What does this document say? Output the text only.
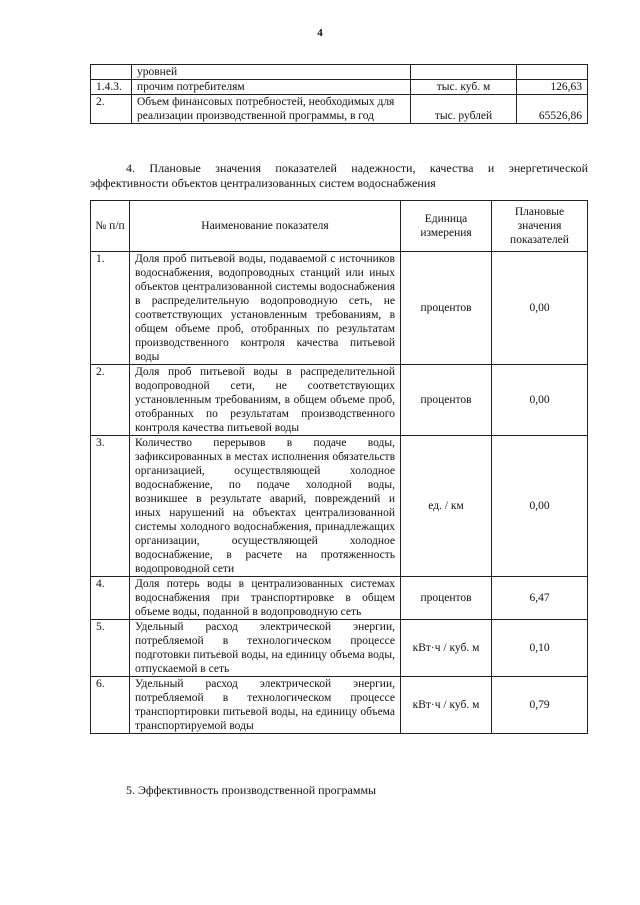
4
	уровней		
1.4.3.	прочим потребителям	тыс. куб. м	126,63
2.	Объем финансовых потребностей, необходимых для реализации производственной программы, в год	тыс. рублей	65526,86
4. Плановые значения показателей надежности, качества и энергетической эффективности объектов централизованных систем водоснабжения
№ п/п	Наименование показателя	Единица измерения	Плановые значения показателей
1.	Доля проб питьевой воды, подаваемой с источников водоснабжения, водопроводных станций или иных объектов централизованной системы водоснабжения в распределительную водопроводную сеть, не соответствующих установленным требованиям, в общем объеме проб, отобранных по результатам производственного контроля качества питьевой воды	процентов	0,00
2.	Доля проб питьевой воды в распределительной водопроводной сети, не соответствующих установленным требованиям, в общем объеме проб, отобранных по результатам производственного контроля качества питьевой воды	процентов	0,00
3.	Количество перерывов в подаче воды, зафиксированных в местах исполнения обязательств организацией, осуществляющей холодное водоснабжение, по подаче холодной воды, возникшее в результате аварий, повреждений и иных нарушений на объектах централизованной системы холодного водоснабжения, принадлежащих организации, осуществляющей холодное водоснабжение, в расчете на протяженность водопроводной сети	ед. / км	0,00
4.	Доля потерь воды в централизованных системах водоснабжения при транспортировке в общем объеме воды, поданной в водопроводную сеть	процентов	6,47
5.	Удельный расход электрической энергии, потребляемой в технологическом процессе подготовки питьевой воды, на единицу объема воды, отпускаемой в сеть	кВт·ч / куб. м	0,10
6.	Удельный расход электрической энергии, потребляемой в технологическом процессе транспортировки питьевой воды, на единицу объема транспортируемой воды	кВт·ч / куб. м	0,79
5. Эффективность производственной программы
